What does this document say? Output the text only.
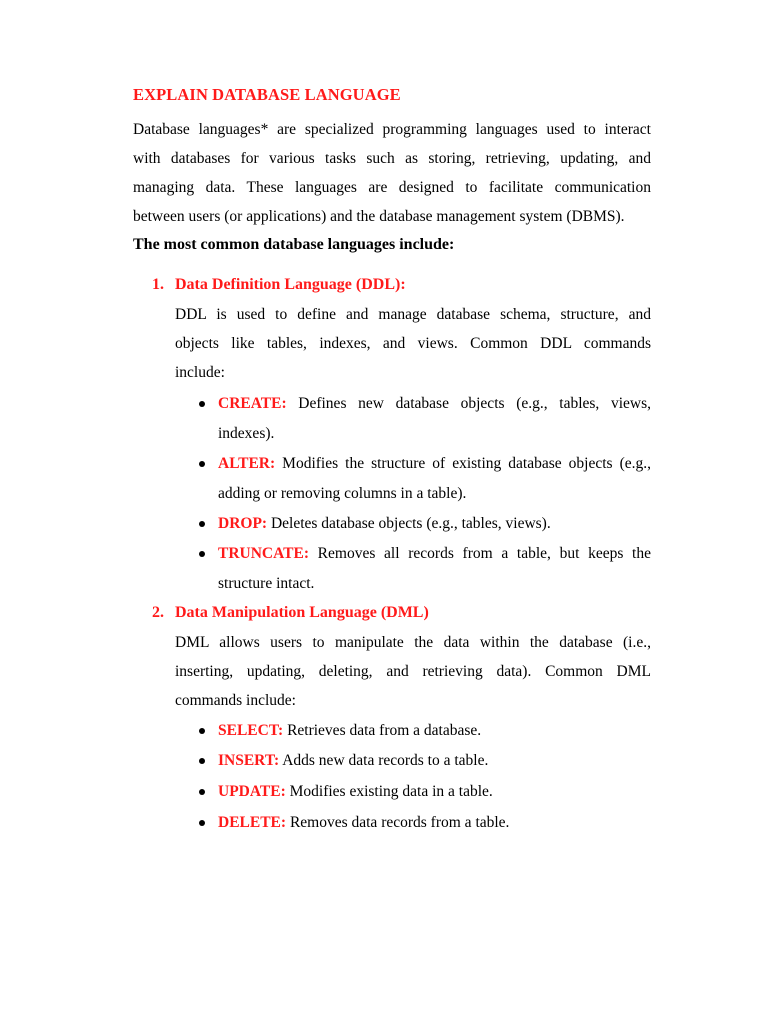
EXPLAIN DATABASE LANGUAGE
Database languages* are specialized programming languages used to interact
with databases for various tasks such as storing, retrieving, updating, and
managing data. These languages are designed to facilitate communication
between users (or applications) and the database management system (DBMS).
The most common database languages include:
1. Data Definition Language (DDL):
DDL is used to define and manage database schema, structure, and
objects like tables, indexes, and views. Common DDL commands
include:
CREATE: Defines new database objects (e.g., tables, views,
indexes).
ALTER: Modifies the structure of existing database objects (e.g.,
adding or removing columns in a table).
DROP: Deletes database objects (e.g., tables, views).
TRUNCATE: Removes all records from a table, but keeps the
structure intact.
2. Data Manipulation Language (DML)
DML allows users to manipulate the data within the database (i.e.,
inserting, updating, deleting, and retrieving data). Common DML
commands include:
SELECT: Retrieves data from a database.
INSERT: Adds new data records to a table.
UPDATE: Modifies existing data in a table.
DELETE: Removes data records from a table.
